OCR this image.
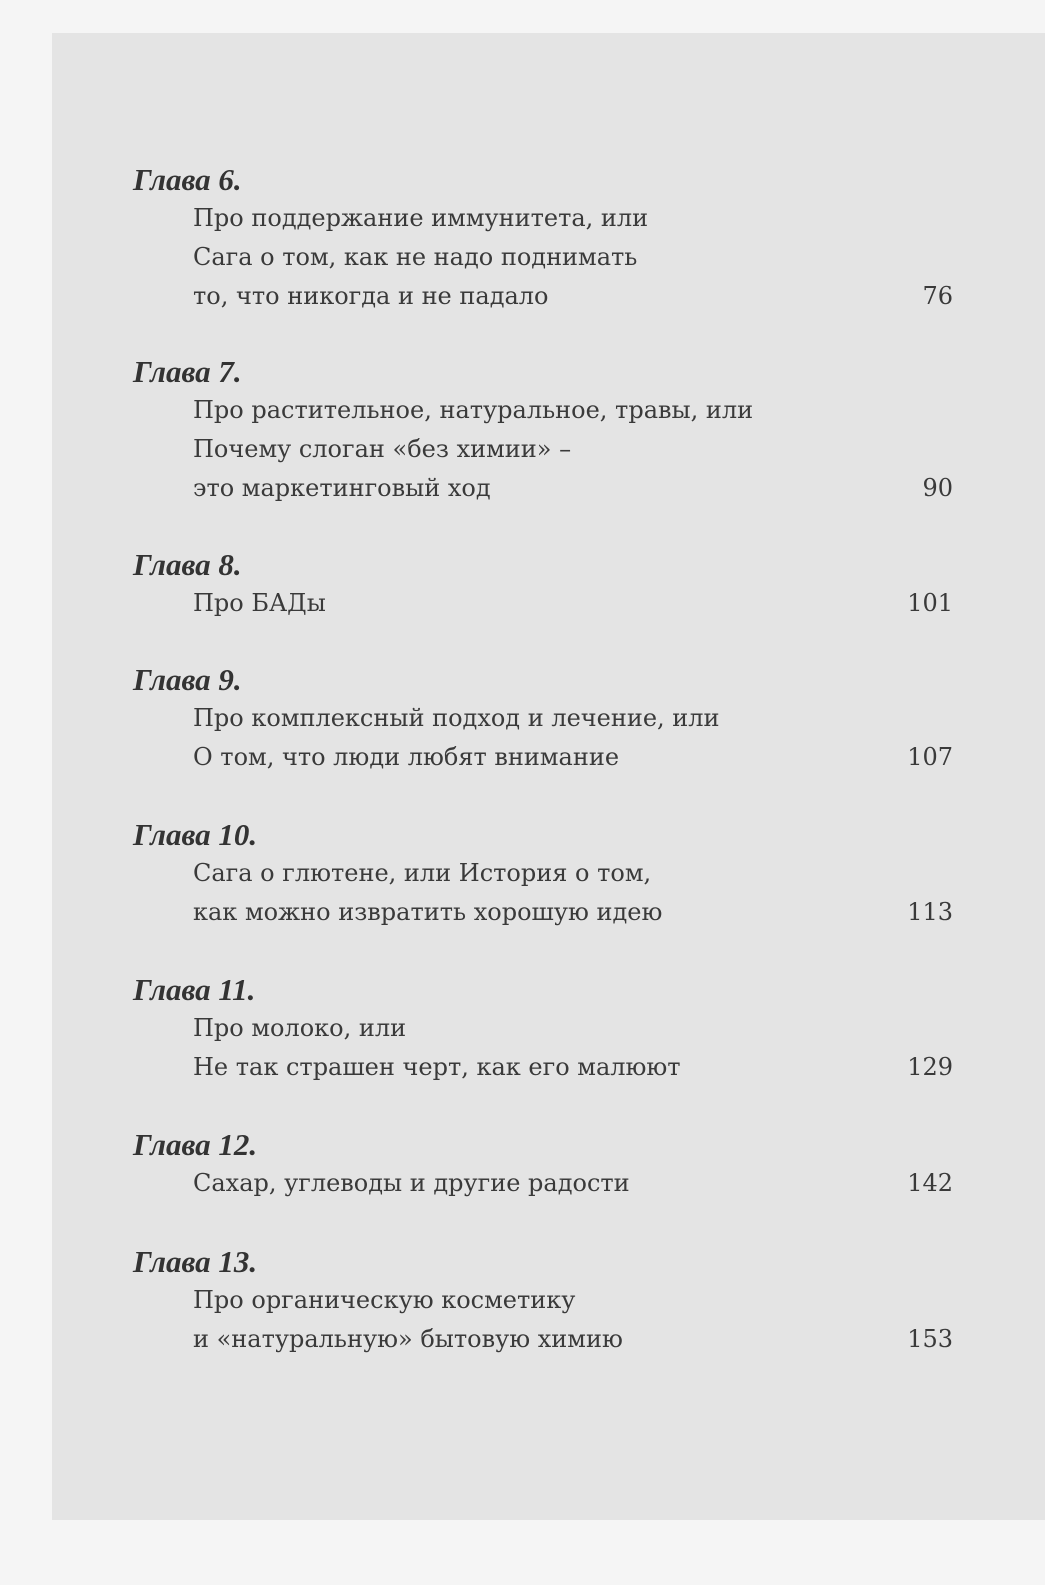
Глава 6.
Про поддержание иммунитета, или
Сага о том, как не надо поднимать
то, что никогда и не падало	76
Глава 7.
Про растительное, натуральное, травы, или
Почему слоган «без химии» –
это маркетинговый ход	90
Глава 8.
Про БАДы	101
Глава 9.
Про комплексный подход и лечение, или
О том, что люди любят внимание	107
Глава 10.
Сага о глютене, или История о том,
как можно извратить хорошую идею	113
Глава 11.
Про молоко, или
Не так страшен черт, как его малюют	129
Глава 12.
Сахар, углеводы и другие радости	142
Глава 13.
Про органическую косметику
и «натуральную» бытовую химию	153
